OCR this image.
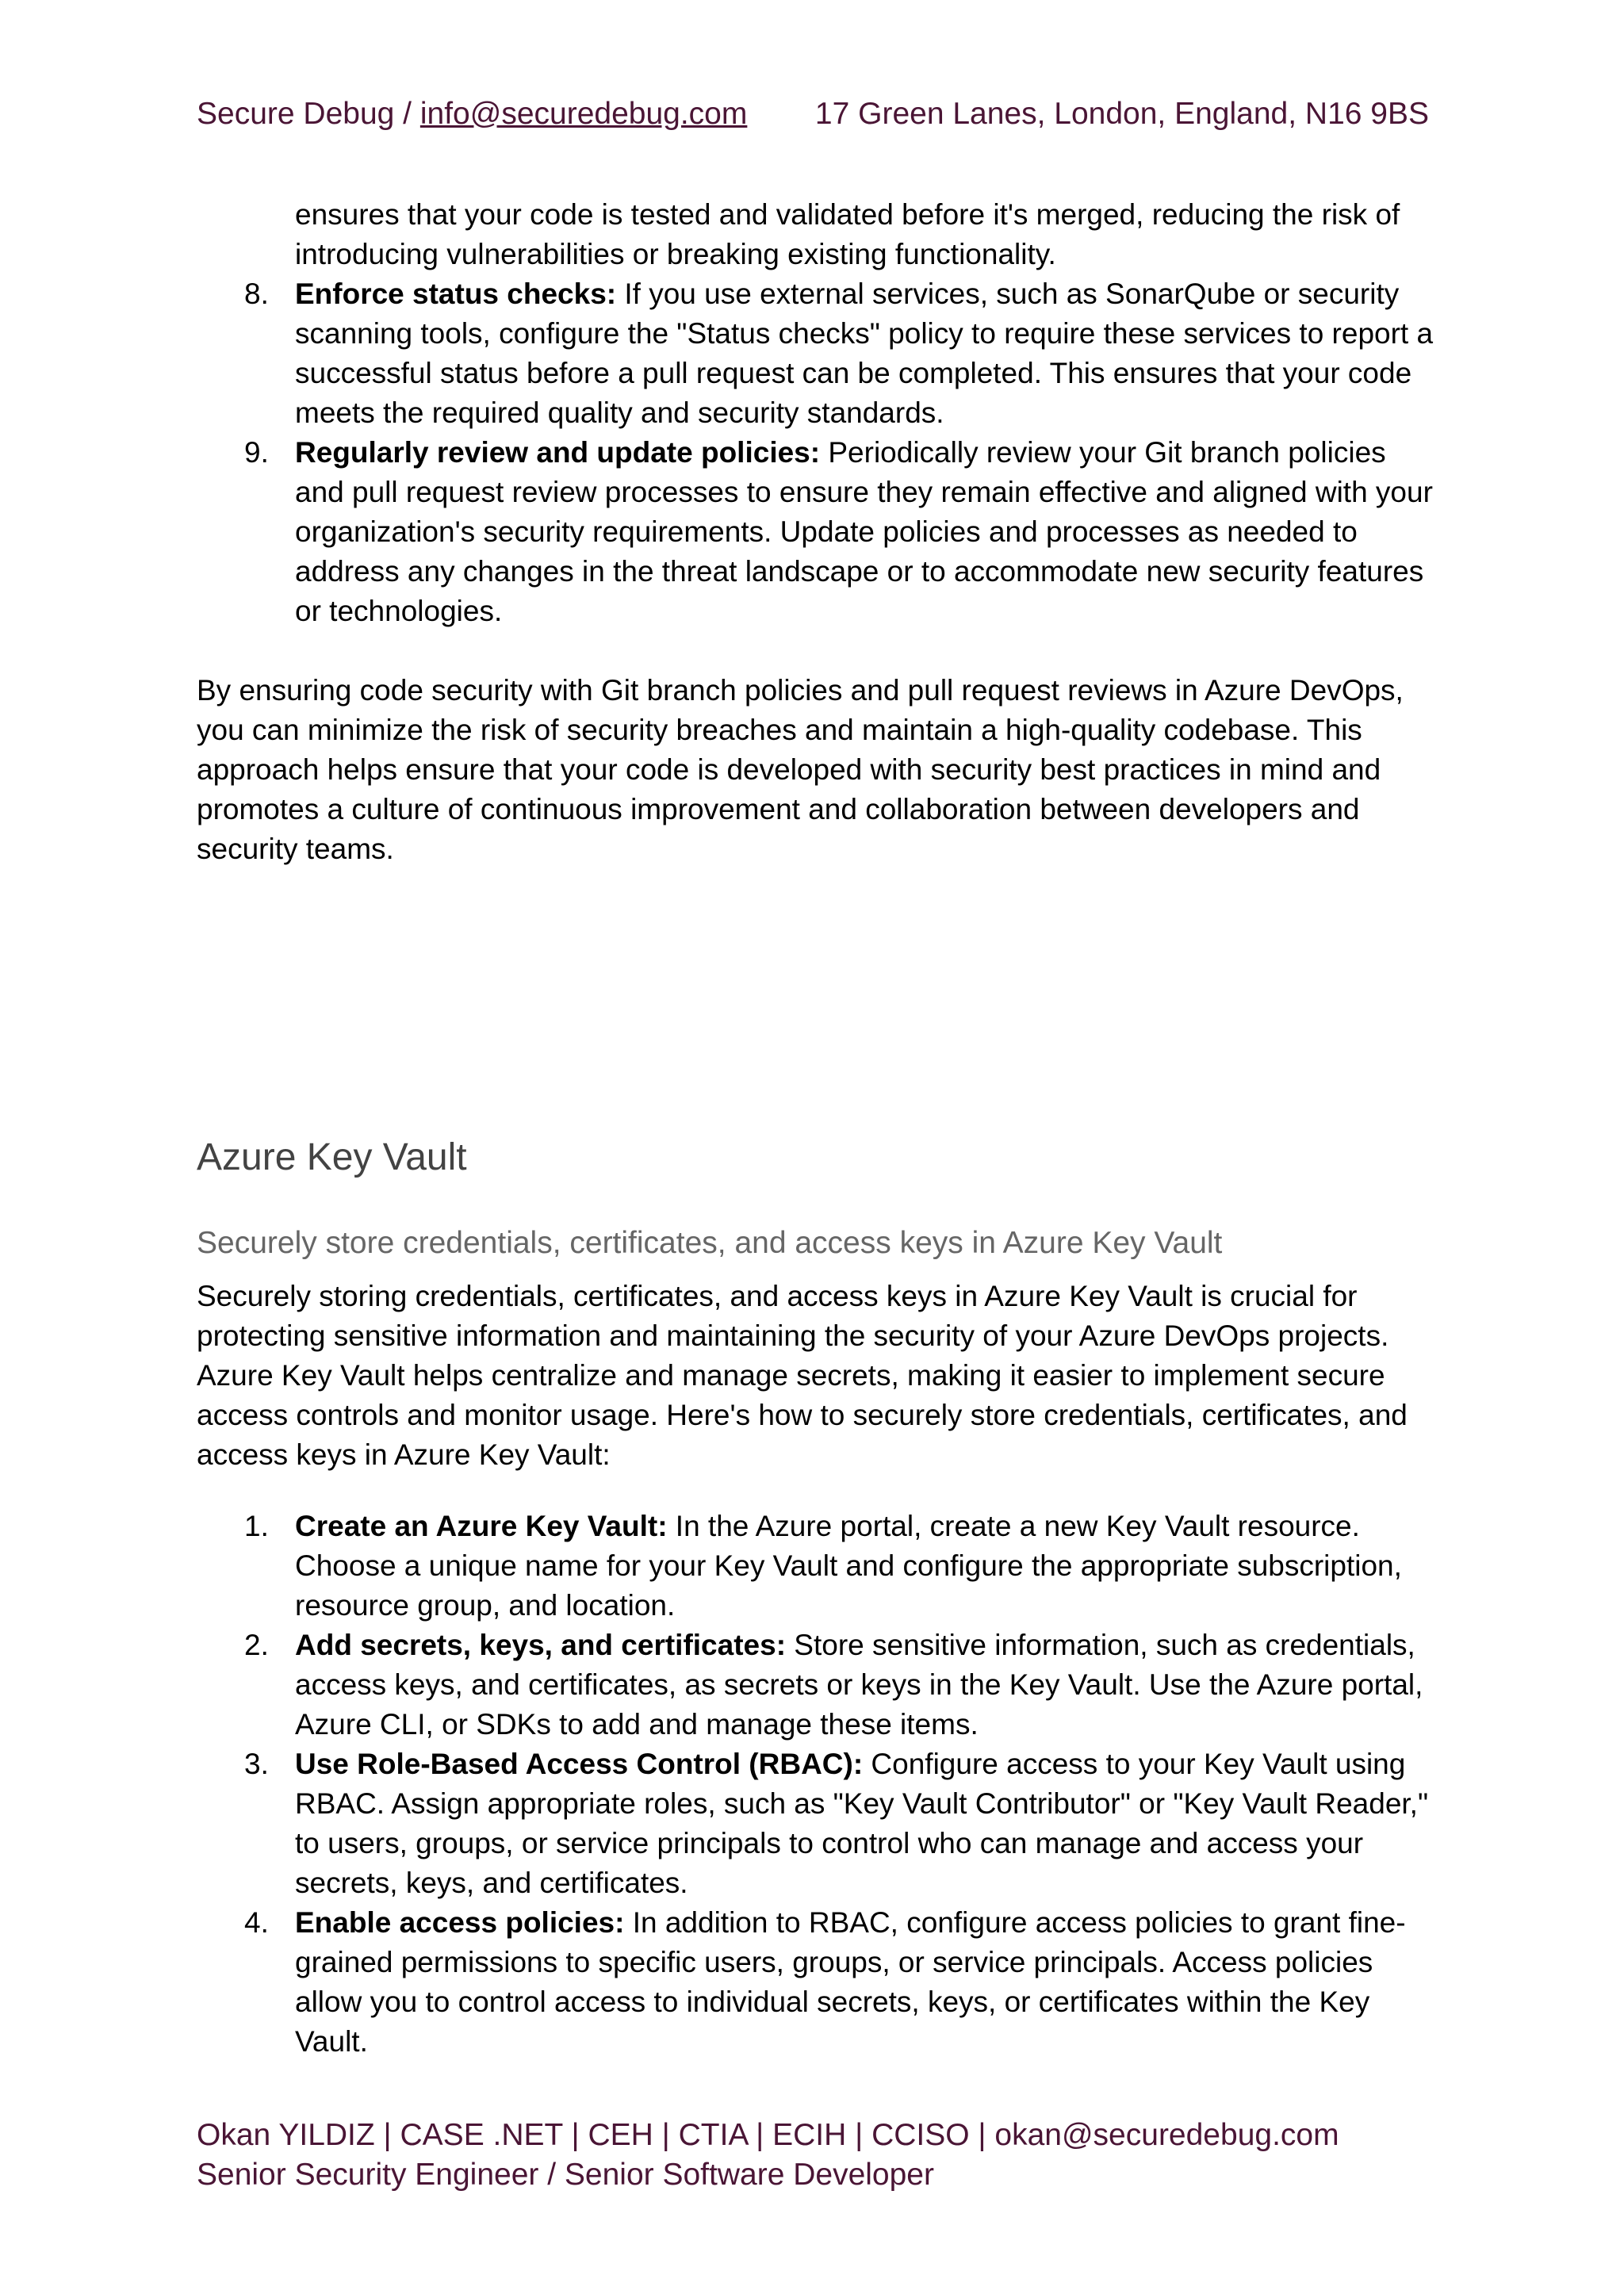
Secure Debug / info@securedebug.com 17 Green Lanes, London, England, N16 9BS
ensures that your code is tested and validated before it's merged, reducing the risk of introducing vulnerabilities or breaking existing functionality.
8. Enforce status checks: If you use external services, such as SonarQube or security scanning tools, configure the "Status checks" policy to require these services to report a successful status before a pull request can be completed. This ensures that your code meets the required quality and security standards.
9. Regularly review and update policies: Periodically review your Git branch policies and pull request review processes to ensure they remain effective and aligned with your organization's security requirements. Update policies and processes as needed to address any changes in the threat landscape or to accommodate new security features or technologies.

By ensuring code security with Git branch policies and pull request reviews in Azure DevOps, you can minimize the risk of security breaches and maintain a high-quality codebase. This approach helps ensure that your code is developed with security best practices in mind and promotes a culture of continuous improvement and collaboration between developers and security teams.

Azure Key Vault
Securely store credentials, certificates, and access keys in Azure Key Vault

Securely storing credentials, certificates, and access keys in Azure Key Vault is crucial for protecting sensitive information and maintaining the security of your Azure DevOps projects. Azure Key Vault helps centralize and manage secrets, making it easier to implement secure access controls and monitor usage. Here's how to securely store credentials, certificates, and access keys in Azure Key Vault:

1. Create an Azure Key Vault: In the Azure portal, create a new Key Vault resource. Choose a unique name for your Key Vault and configure the appropriate subscription, resource group, and location.
2. Add secrets, keys, and certificates: Store sensitive information, such as credentials, access keys, and certificates, as secrets or keys in the Key Vault. Use the Azure portal, Azure CLI, or SDKs to add and manage these items.
3. Use Role-Based Access Control (RBAC): Configure access to your Key Vault using RBAC. Assign appropriate roles, such as "Key Vault Contributor" or "Key Vault Reader," to users, groups, or service principals to control who can manage and access your secrets, keys, and certificates.
4. Enable access policies: In addition to RBAC, configure access policies to grant fine-grained permissions to specific users, groups, or service principals. Access policies allow you to control access to individual secrets, keys, or certificates within the Key Vault.
Okan YILDIZ | CASE .NET | CEH | CTIA | ECIH | CCISO | okan@securedebug.com
Senior Security Engineer / Senior Software Developer
